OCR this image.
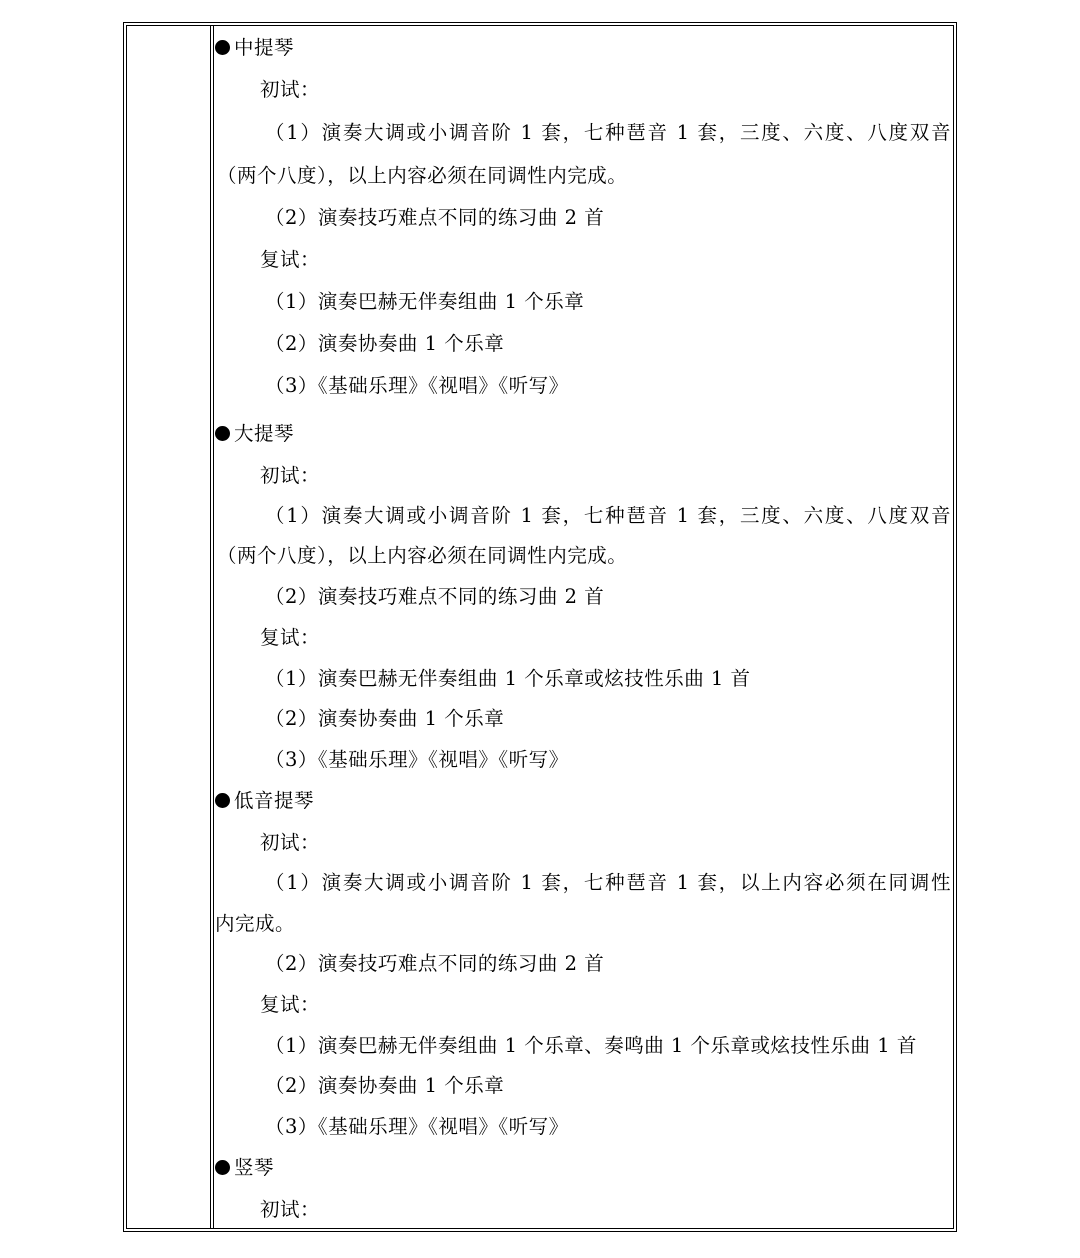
中提琴
初试：
（1）演奏大调或小调音阶 1 套，七种琶音 1 套，三度、六度、八度双音
（两个八度），以上内容必须在同调性内完成。
（2）演奏技巧难点不同的练习曲 2 首
复试：
（1）演奏巴赫无伴奏组曲 1 个乐章
（2）演奏协奏曲 1 个乐章
（3）《基础乐理》《视唱》《听写》
大提琴
初试：
（1）演奏大调或小调音阶 1 套，七种琶音 1 套，三度、六度、八度双音
（两个八度），以上内容必须在同调性内完成。
（2）演奏技巧难点不同的练习曲 2 首
复试：
（1）演奏巴赫无伴奏组曲 1 个乐章或炫技性乐曲 1 首
（2）演奏协奏曲 1 个乐章
（3）《基础乐理》《视唱》《听写》
低音提琴
初试：
（1）演奏大调或小调音阶 1 套，七种琶音 1 套，以上内容必须在同调性
内完成。
（2）演奏技巧难点不同的练习曲 2 首
复试：
（1）演奏巴赫无伴奏组曲 1 个乐章、奏鸣曲 1 个乐章或炫技性乐曲 1 首
（2）演奏协奏曲 1 个乐章
（3）《基础乐理》《视唱》《听写》
竖琴
初试：
